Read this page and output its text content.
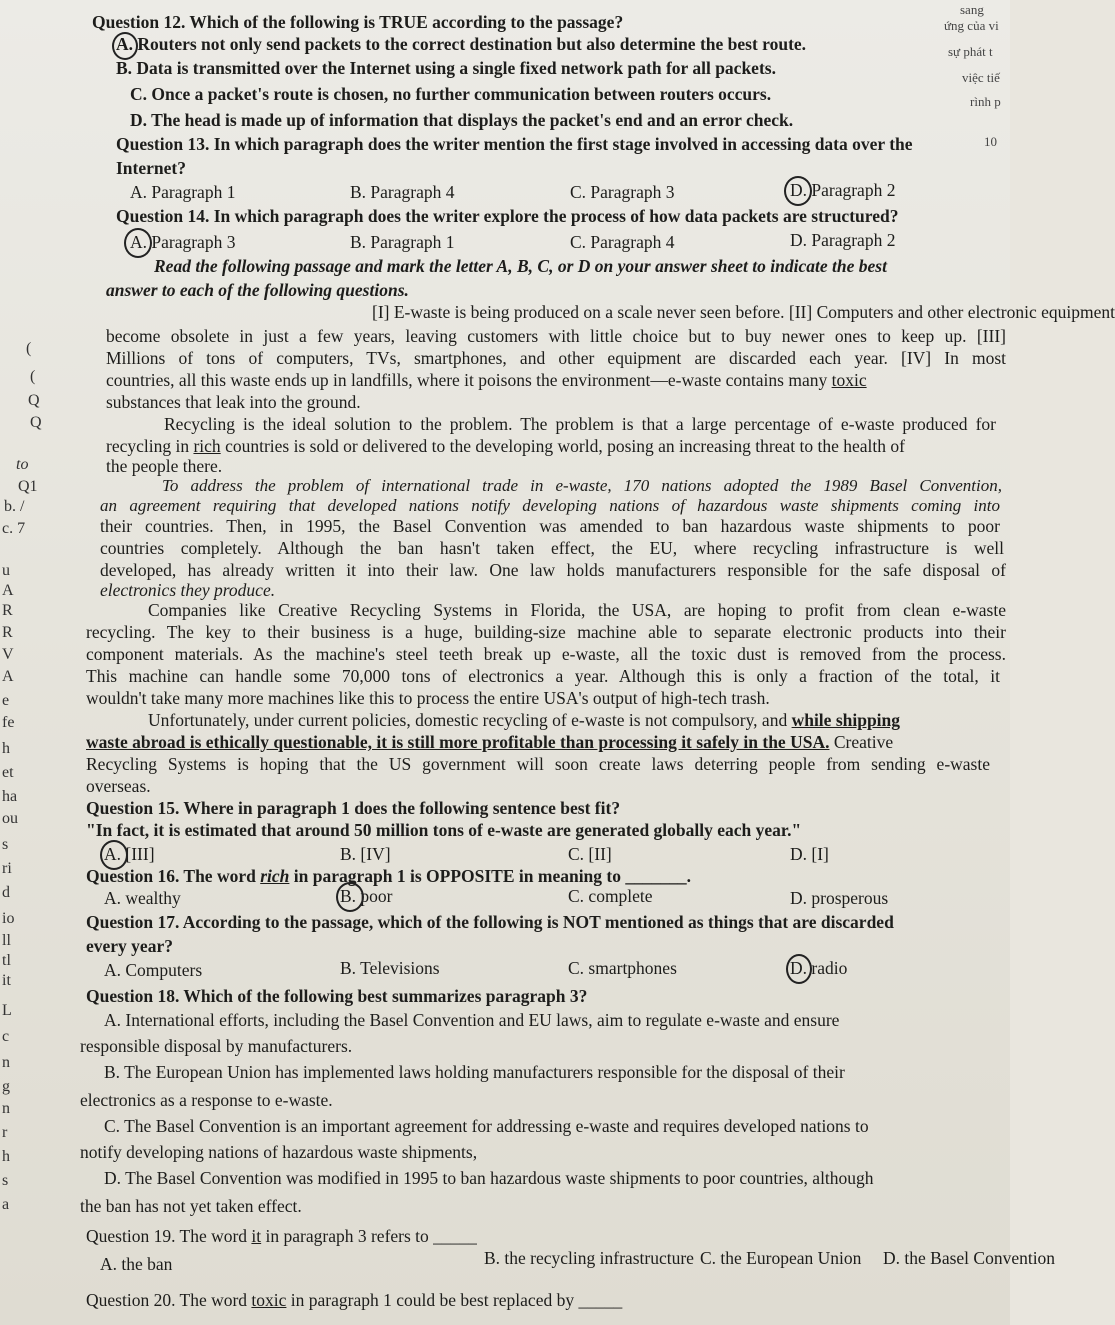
sang
ứng của vi
sự phát t
việc tiế
rình p
10
(
(
Q
Q
to
Q1
b. /
c. 7
u
A
R
R
V
A
e
fe
h
et
ha
ou
s
ri
d
io
ll
tl
it
L
c
n
g
n
r
h
s
a
Question 12. Which of the following is TRUE according to the passage?
A. Routers not only send packets to the correct destination but also determine the best route.
B. Data is transmitted over the Internet using a single fixed network path for all packets.
C. Once a packet's route is chosen, no further communication between routers occurs.
D. The head is made up of information that displays the packet's end and an error check.
Question 13. In which paragraph does the writer mention the first stage involved in accessing data over the
Internet?
A. Paragraph 1	B. Paragraph 4	C. Paragraph 3	D. Paragraph 2
Question 14. In which paragraph does the writer explore the process of how data packets are structured?
A. Paragraph 3	B. Paragraph 1	C. Paragraph 4	D. Paragraph 2
Read the following passage and mark the letter A, B, C, or D on your answer sheet to indicate the best
answer to each of the following questions.
[I] E-waste is being produced on a scale never seen before. [II] Computers and other electronic equipment
become obsolete in just a few years, leaving customers with little choice but to buy newer ones to keep up. [III]
Millions of tons of computers, TVs, smartphones, and other equipment are discarded each year. [IV] In most
countries, all this waste ends up in landfills, where it poisons the environment—e-waste contains many toxic
substances that leak into the ground.
Recycling is the ideal solution to the problem. The problem is that a large percentage of e-waste produced for
recycling in rich countries is sold or delivered to the developing world, posing an increasing threat to the health of
the people there.
To address the problem of international trade in e-waste, 170 nations adopted the 1989 Basel Convention,
an agreement requiring that developed nations notify developing nations of hazardous waste shipments coming into
their countries. Then, in 1995, the Basel Convention was amended to ban hazardous waste shipments to poor
countries completely. Although the ban hasn't taken effect, the EU, where recycling infrastructure is well
developed, has already written it into their law. One law holds manufacturers responsible for the safe disposal of
electronics they produce.
Companies like Creative Recycling Systems in Florida, the USA, are hoping to profit from clean e-waste
recycling. The key to their business is a huge, building-size machine able to separate electronic products into their
component materials. As the machine's steel teeth break up e-waste, all the toxic dust is removed from the process.
This machine can handle some 70,000 tons of electronics a year. Although this is only a fraction of the total, it
wouldn't take many more machines like this to process the entire USA's output of high-tech trash.
Unfortunately, under current policies, domestic recycling of e-waste is not compulsory, and while shipping
waste abroad is ethically questionable, it is still more profitable than processing it safely in the USA. Creative
Recycling Systems is hoping that the US government will soon create laws deterring people from sending e-waste
overseas.
Question 15. Where in paragraph 1 does the following sentence best fit?
"In fact, it is estimated that around 50 million tons of e-waste are generated globally each year."
A. [III]	B. [IV]	C. [II]	D. [I]
Question 16. The word rich in paragraph 1 is OPPOSITE in meaning to _______.
A. wealthy	B. poor	C. complete	D. prosperous
Question 17. According to the passage, which of the following is NOT mentioned as things that are discarded
every year?
A. Computers	B. Televisions	C. smartphones	D. radio
Question 18. Which of the following best summarizes paragraph 3?
A. International efforts, including the Basel Convention and EU laws, aim to regulate e-waste and ensure
responsible disposal by manufacturers.
B. The European Union has implemented laws holding manufacturers responsible for the disposal of their
electronics as a response to e-waste.
C. The Basel Convention is an important agreement for addressing e-waste and requires developed nations to
notify developing nations of hazardous waste shipments,
D. The Basel Convention was modified in 1995 to ban hazardous waste shipments to poor countries, although
the ban has not yet taken effect.
Question 19. The word it in paragraph 3 refers to _____
A. the ban	B. the recycling infrastructure C. the European Union D. the Basel Convention
Question 20. The word toxic in paragraph 1 could be best replaced by _____
